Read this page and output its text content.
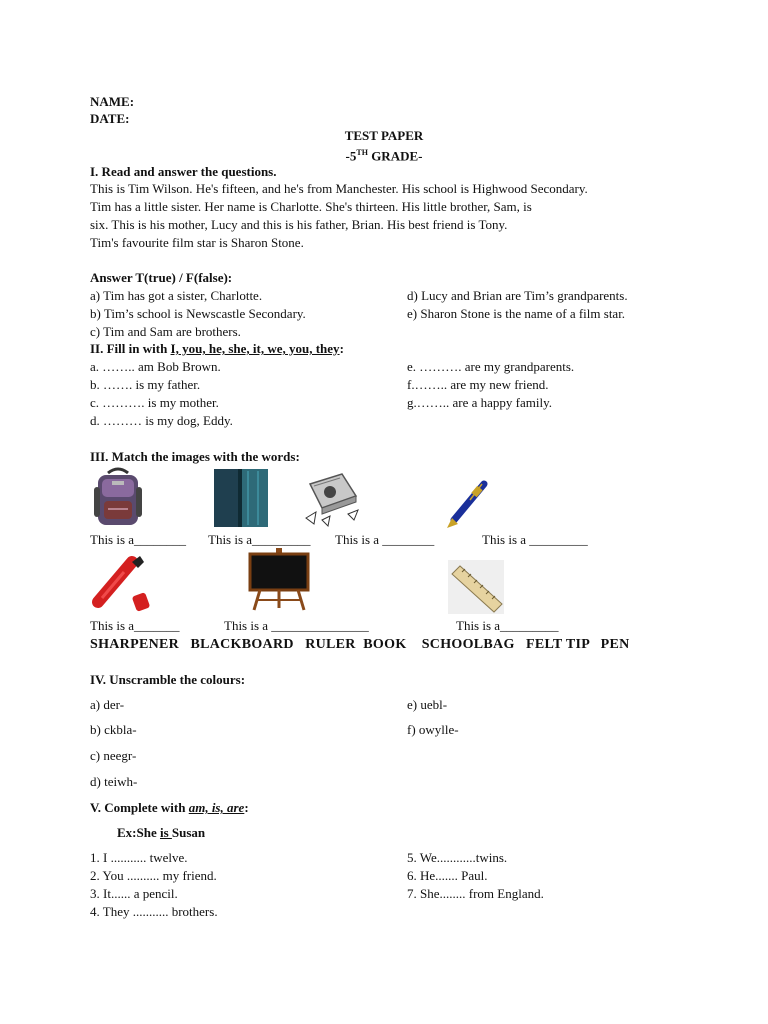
NAME:
DATE:
TEST PAPER
-5TH GRADE-
I. Read and answer the questions.
This is Tim Wilson. He's fifteen, and he's from Manchester. His school is Highwood Secondary.
Tim has a little sister. Her name is Charlotte. She's thirteen. His little brother, Sam, is
six. This is his mother, Lucy and this is his father, Brian. His best friend is Tony.
Tim's favourite film star is Sharon Stone.
Answer T(true) / F(false):
a) Tim has got a sister, Charlotte.
b) Tim’s school is Newscastle Secondary.
c) Tim and Sam are brothers.
d) Lucy and Brian are Tim’s grandparents.
e) Sharon Stone is the name of a film star.
II. Fill in with I, you, he, she, it, we, you, they:
a. …….. am Bob Brown.
b. ……. is my father.
c. ………. is my mother.
d. ……… is my dog, Eddy.
e. ………. are my grandparents.
f.…….. are my new friend.
g.…….. are a happy family.
III. Match the images with the words:
This is a________ This is a_________ This is a ________	This is a _________
This is a_______	This is a _______________	This is a_________
SHARPENER   BLACKBOARD   RULER  BOOK    SCHOOLBAG   FELT TIP   PEN
IV. Unscramble the colours:
a) der-
b) ckbla-
c) neegr-
d) teiwh-
e) uebl-
f) owylle-
V. Complete with am, is, are:
Ex:She is Susan
1. I ........... twelve.
2. You .......... my friend.
3. It...... a pencil.
4. They ........... brothers.
5. We............twins.
6. He....... Paul.
7. She........ from England.
